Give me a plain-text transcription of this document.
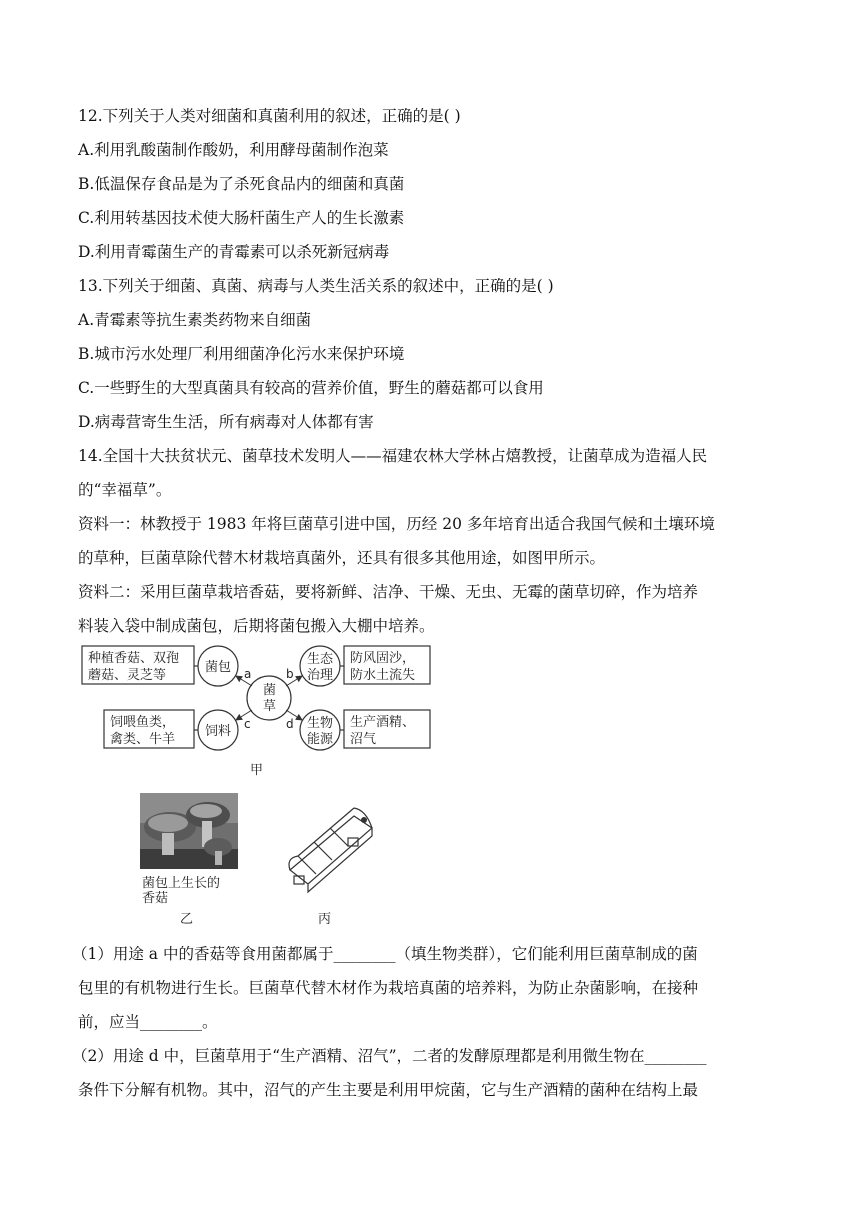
12.下列关于人类对细菌和真菌利用的叙述，正确的是( )
A.利用乳酸菌制作酸奶，利用酵母菌制作泡菜
B.低温保存食品是为了杀死食品内的细菌和真菌
C.利用转基因技术使大肠杆菌生产人的生长激素
D.利用青霉菌生产的青霉素可以杀死新冠病毒
13.下列关于细菌、真菌、病毒与人类生活关系的叙述中，正确的是( )
A.青霉素等抗生素类药物来自细菌
B.城市污水处理厂利用细菌净化污水来保护环境
C.一些野生的大型真菌具有较高的营养价值，野生的蘑菇都可以食用
D.病毒营寄生生活，所有病毒对人体都有害
14.全国十大扶贫状元、菌草技术发明人——福建农林大学林占熺教授，让菌草成为造福人民
的“幸福草”。
资料一：林教授于 1983 年将巨菌草引进中国，历经 20 多年培育出适合我国气候和土壤环境
的草种，巨菌草除代替木材栽培真菌外，还具有很多其他用途，如图甲所示。
资料二：采用巨菌草栽培香菇，要将新鲜、洁净、干燥、无虫、无霉的菌草切碎，作为培养
料装入袋中制成菌包，后期将菌包搬入大棚中培养。
种植香菇、双孢
蘑菇、灵芝等
防风固沙，
防水土流失
饲喂鱼类，
禽类、牛羊
生产酒精、
沼气
菌包
生态
治理
饲料
生物
能源
菌
草
a	b
c	d
甲
菌包上生长的
香菇
乙	丙
（1）用途 a 中的香菇等食用菌都属于________（填生物类群），它们能利用巨菌草制成的菌
包里的有机物进行生长。巨菌草代替木材作为栽培真菌的培养料，为防止杂菌影响，在接种
前，应当________。
（2）用途 d 中，巨菌草用于“生产酒精、沼气”，二者的发酵原理都是利用微生物在________
条件下分解有机物。其中，沼气的产生主要是利用甲烷菌，它与生产酒精的菌种在结构上最
